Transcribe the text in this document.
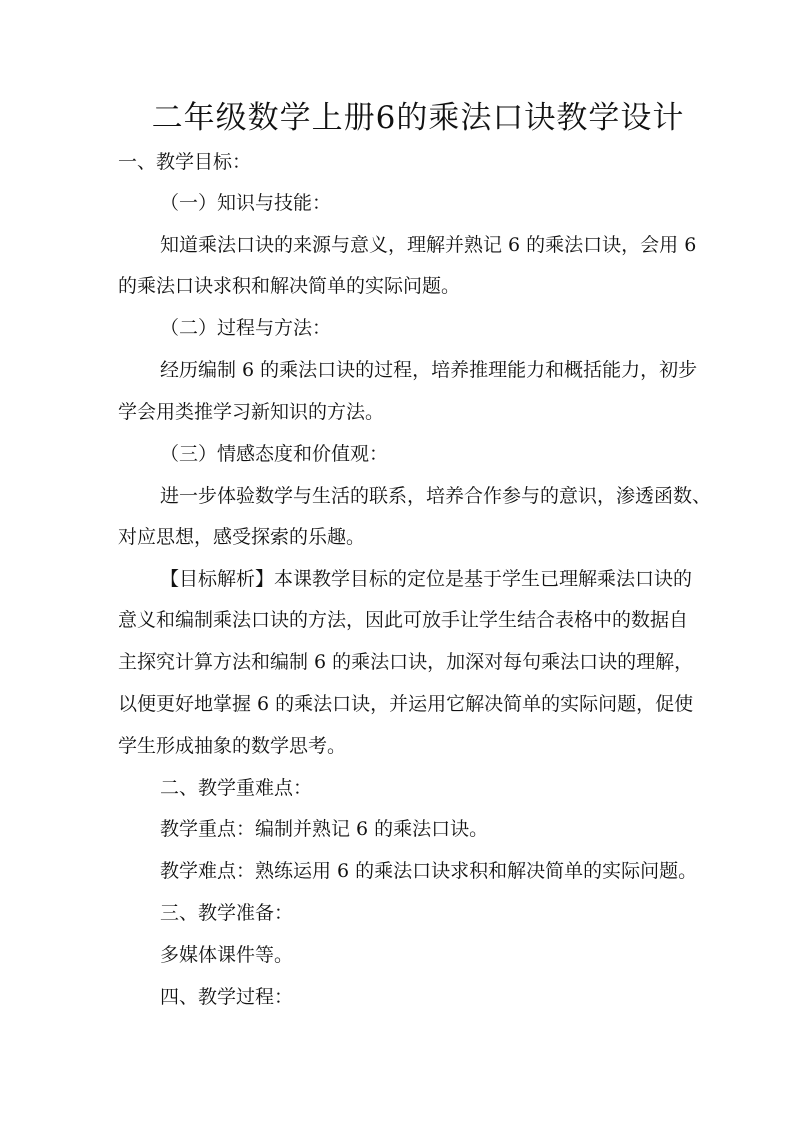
二年级数学上册6的乘法口诀教学设计
一、教学目标：
（一）知识与技能：
知道乘法口诀的来源与意义，理解并熟记 6 的乘法口诀，会用 6
的乘法口诀求积和解决简单的实际问题。
（二）过程与方法：
经历编制 6 的乘法口诀的过程，培养推理能力和概括能力，初步
学会用类推学习新知识的方法。
（三）情感态度和价值观：
进一步体验数学与生活的联系，培养合作参与的意识，渗透函数、
对应思想，感受探索的乐趣。
【目标解析】本课教学目标的定位是基于学生已理解乘法口诀的
意义和编制乘法口诀的方法，因此可放手让学生结合表格中的数据自
主探究计算方法和编制 6 的乘法口诀，加深对每句乘法口诀的理解，
以便更好地掌握 6 的乘法口诀，并运用它解决简单的实际问题，促使
学生形成抽象的数学思考。
二、教学重难点：
教学重点：编制并熟记 6 的乘法口诀。
教学难点：熟练运用 6 的乘法口诀求积和解决简单的实际问题。
三、教学准备：
多媒体课件等。
四、教学过程：
